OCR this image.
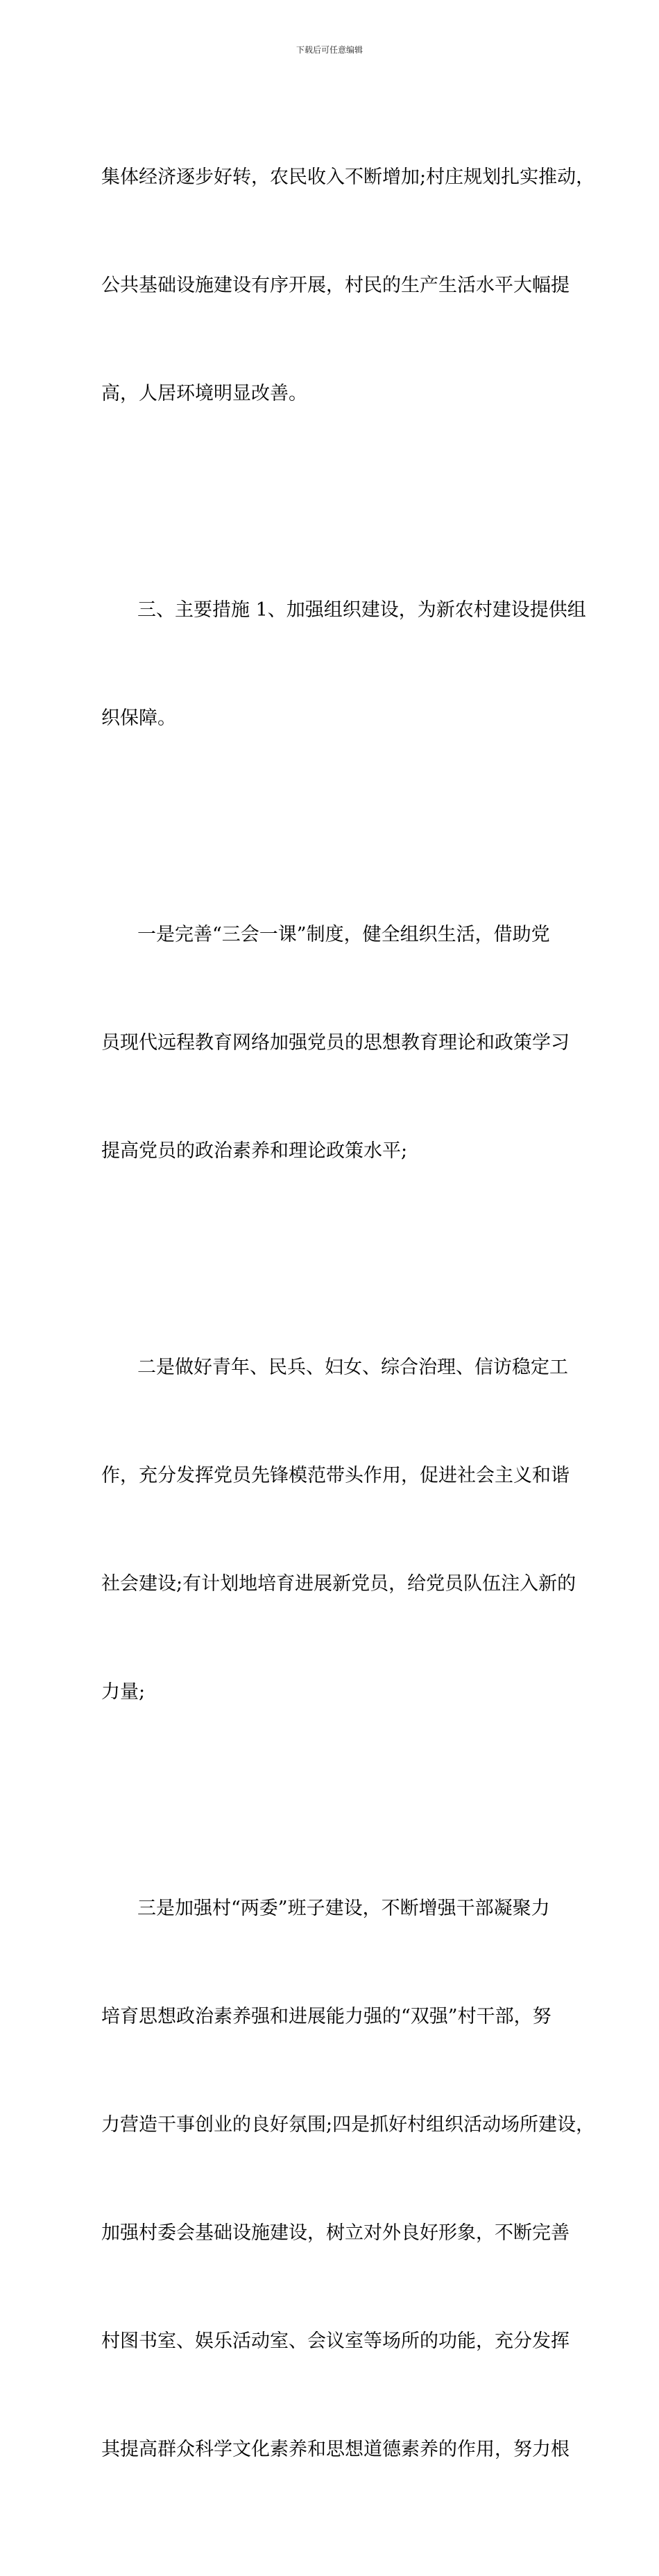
下载后可任意编辑

集体经济逐步好转，农民收入不断增加;村庄规划扎实推动，

公共基础设施建设有序开展，村民的生产生活水平大幅提

高，人居环境明显改善。

三、主要措施 1、加强组织建设，为新农村建设提供组

织保障。

一是完善“三会一课”制度，健全组织生活，借助党

员现代远程教育网络加强党员的思想教育理论和政策学习

提高党员的政治素养和理论政策水平;

二是做好青年、民兵、妇女、综合治理、信访稳定工

作，充分发挥党员先锋模范带头作用，促进社会主义和谐

社会建设;有计划地培育进展新党员，给党员队伍注入新的

力量;

三是加强村“两委”班子建设，不断增强干部凝聚力

培育思想政治素养强和进展能力强的“双强”村干部，努

力营造干事创业的良好氛围;四是抓好村组织活动场所建设，

加强村委会基础设施建设，树立对外良好形象，不断完善

村图书室、娱乐活动室、会议室等场所的功能，充分发挥

其提高群众科学文化素养和思想道德素养的作用，努力根
